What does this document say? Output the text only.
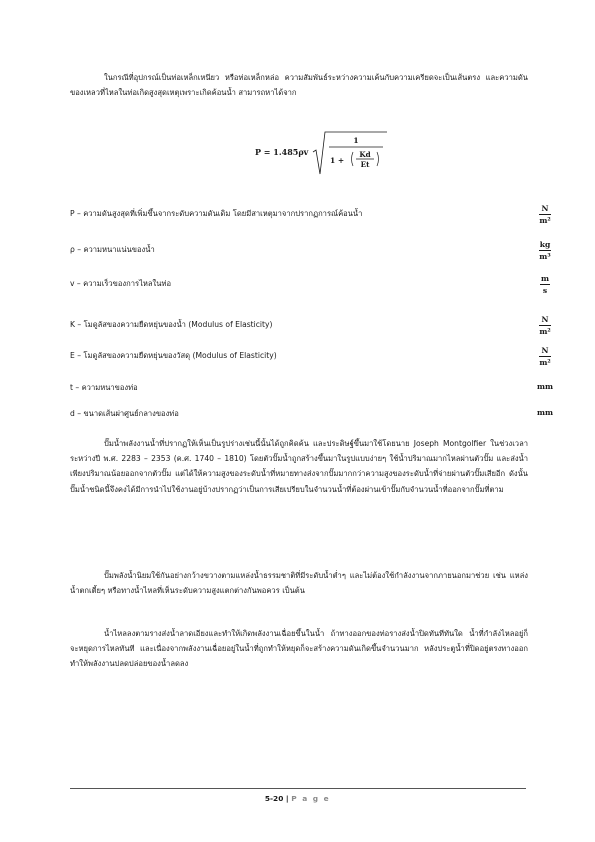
ในกรณีที่อุปกรณ์เป็นท่อเหล็กเหนียว หรือท่อเหล็กหล่อ ความสัมพันธ์ระหว่างความเค้นกับความเครียดจะเป็นเส้นตรง และความดันของเหลวที่ไหลในท่อเกิดสูงสุดเหตุเพราะเกิดค้อนน้ำ สามารถหาได้จาก

P = 1.485ρv
1
1 +
Kd
Et
P – ความดันสูงสุดที่เพิ่มขึ้นจากระดับความดันเดิม โดยมีสาเหตุมาจากปรากฏการณ์ค้อนน้ำ	$\frac{N}{\text{m²}}$
ρ – ความหนาแน่นของน้ำ	$\frac{kg}{\text{m³}}$
v – ความเร็วของการไหลในท่อ	$\frac{m}{s}$
K – โมดูลัสของความยืดหยุ่นของน้ำ (Modulus of Elasticity)	$\frac{N}{\text{m²}}$
E – โมดูลัสของความยืดหยุ่นของวัสดุ (Modulus of Elasticity)	$\frac{N}{\text{m²}}$
t – ความหนาของท่อ	mm
d – ขนาดเส้นผ่าศูนย์กลางของท่อ	mm

ปั๊มน้ำพลังงานน้ำที่ปรากฏให้เห็นเป็นรูปร่างเช่นนี้นั้นได้ถูกคิดค้น และประดิษฐ์ขึ้นมาใช้โดยนาย Joseph Montgolfier ในช่วงเวลาระหว่างปี พ.ศ. 2283 – 2353 (ค.ศ. 1740 – 1810) โดยตัวปั๊มน้ำถูกสร้างขึ้นมาในรูปแบบง่ายๆ ใช้น้ำปริมาณมากไหลผ่านตัวปั๊ม และส่งน้ำเพียงปริมาณน้อยออกจากตัวปั๊ม แต่ได้ให้ความสูงของระดับน้ำที่หมายทางส่งจากปั๊มมากกว่าความสูงของระดับน้ำที่จ่ายผ่านตัวปั๊มเสียอีก ดังนั้นปั๊มน้ำชนิดนี้จึงคงได้มีการนำไปใช้งานอยู่บ้างปรากฏว่าเป็นการเสียเปรียบในจำนวนน้ำที่ต้องผ่านเข้าปั๊มกับจำนวนน้ำที่ออกจากปั๊มที่ตาม

ปั๊มพลังน้ำนิยมใช้กันอย่างกว้างขวางตามแหล่งน้ำธรรมชาติที่มีระดับน้ำต่ำๆ และไม่ต้องใช้กำลังงานจากภายนอกมาช่วย เช่น แหล่งน้ำตกเตี้ยๆ หรือทางน้ำไหลที่เห็นระดับความสูงแตกต่างกันพอควร เป็นต้น

น้ำไหลลงตามรางส่งน้ำลาดเอียงและทำให้เกิดพลังงานเฉื่อยขึ้นในน้ำ ถ้าทางออกของท่อรางส่งน้ำปิดทันทีทันใด น้ำที่กำลังไหลอยู่ก็จะหยุดการไหลทันที และเนื่องจากพลังงานเฉื่อยอยู่ในน้ำที่ถูกทำให้หยุดก็จะสร้างความดันเกิดขึ้นจำนวนมาก หลังประตูน้ำที่ปิดอยู่ตรงทางออก ทำให้พลังงานปลดปล่อยของน้ำลดลง

5-20 | P a g e
